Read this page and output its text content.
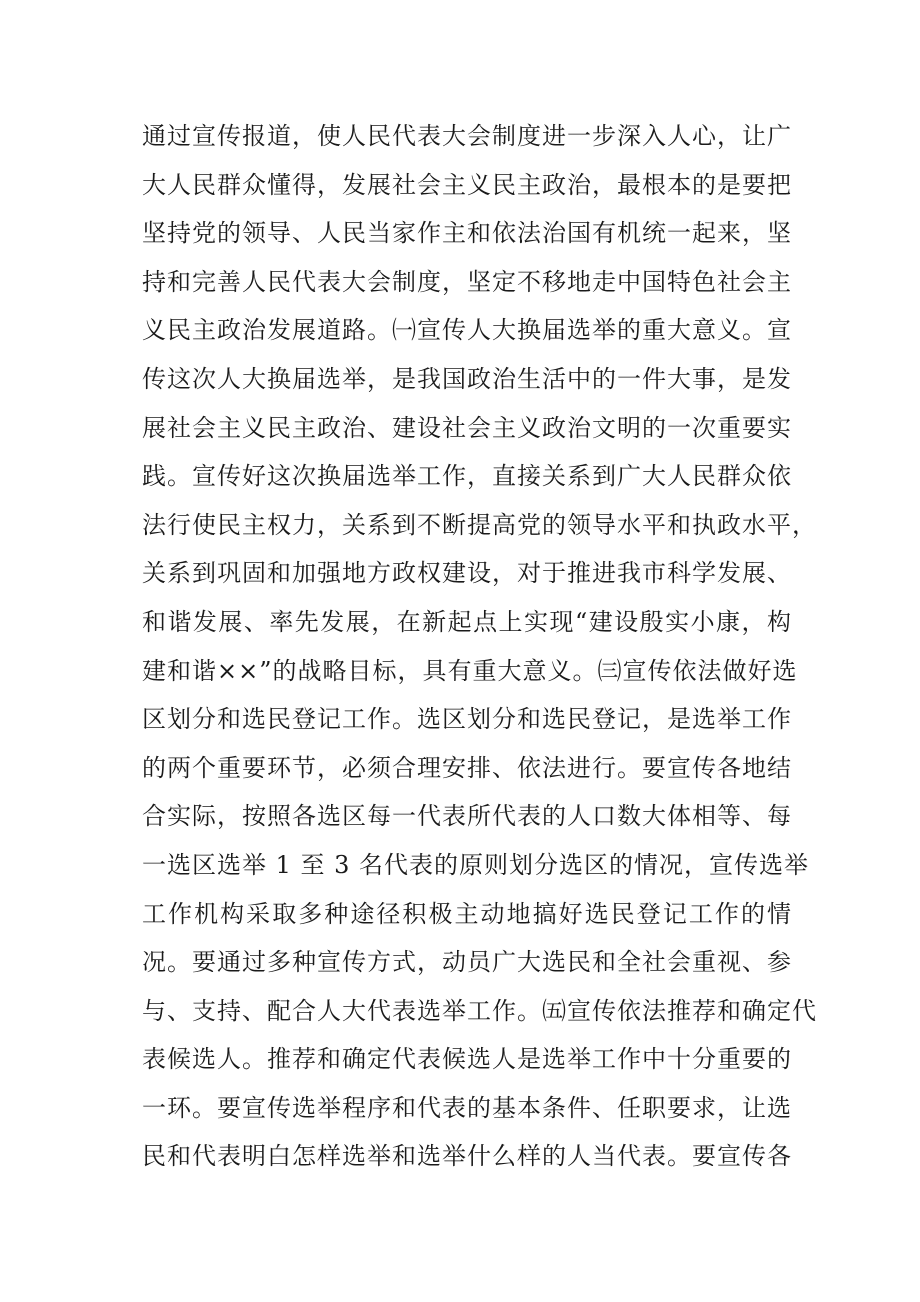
通过宣传报道，使人民代表大会制度进一步深入人心，让广
大人民群众懂得，发展社会主义民主政治，最根本的是要把
坚持党的领导、人民当家作主和依法治国有机统一起来，坚
持和完善人民代表大会制度，坚定不移地走中国特色社会主
义民主政治发展道路。㈠宣传人大换届选举的重大意义。宣
传这次人大换届选举，是我国政治生活中的一件大事，是发
展社会主义民主政治、建设社会主义政治文明的一次重要实
践。宣传好这次换届选举工作，直接关系到广大人民群众依
法行使民主权力，关系到不断提高党的领导水平和执政水平，
关系到巩固和加强地方政权建设，对于推进我市科学发展、
和谐发展、率先发展，在新起点上实现“建设殷实小康，构
建和谐××”的战略目标，具有重大意义。㈢宣传依法做好选
区划分和选民登记工作。选区划分和选民登记，是选举工作
的两个重要环节，必须合理安排、依法进行。要宣传各地结
合实际，按照各选区每一代表所代表的人口数大体相等、每
一选区选举 1 至 3 名代表的原则划分选区的情况，宣传选举
工作机构采取多种途径积极主动地搞好选民登记工作的情
况。要通过多种宣传方式，动员广大选民和全社会重视、参
与、支持、配合人大代表选举工作。㈤宣传依法推荐和确定代
表候选人。推荐和确定代表候选人是选举工作中十分重要的
一环。要宣传选举程序和代表的基本条件、任职要求，让选
民和代表明白怎样选举和选举什么样的人当代表。要宣传各
